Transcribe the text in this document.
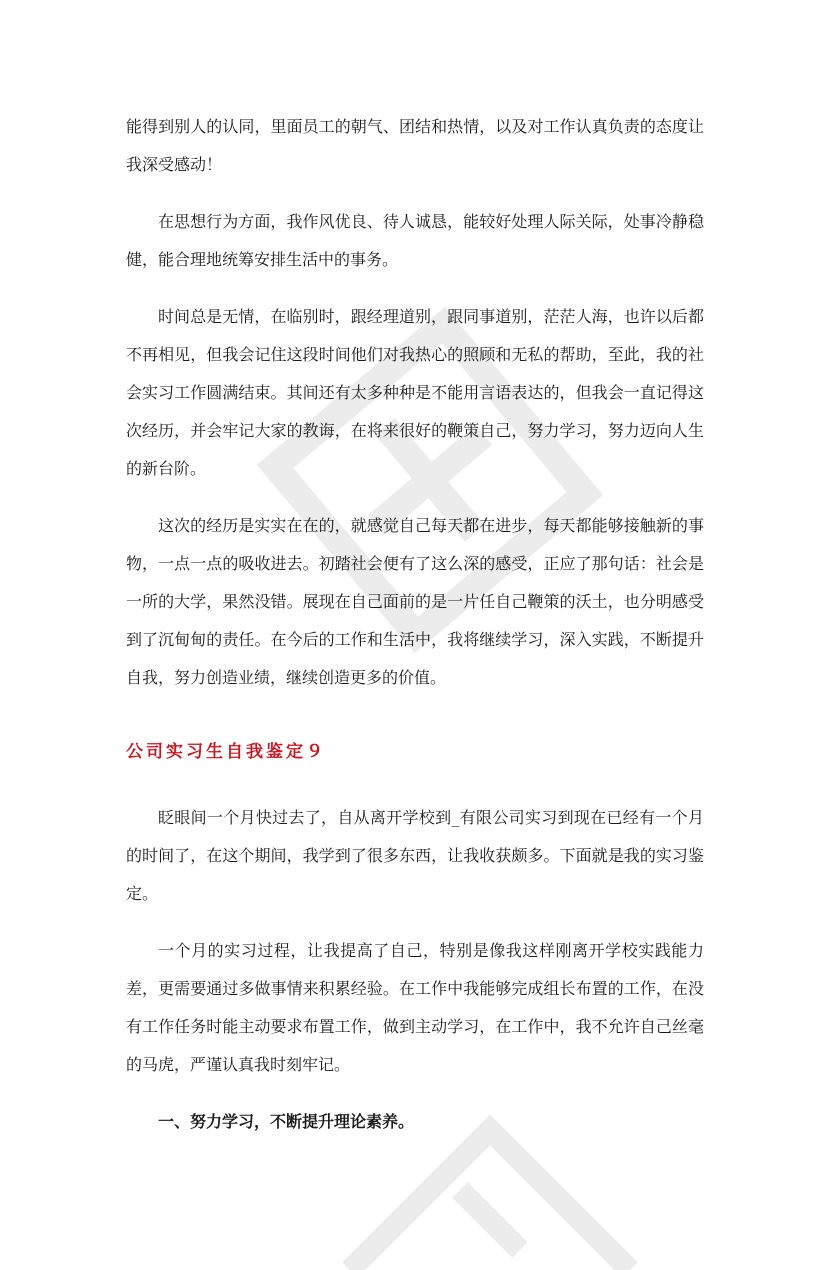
能得到别人的认同，里面员工的朝气、团结和热情，以及对工作认真负责的态度让我深受感动！

在思想行为方面，我作风优良、待人诚恳，能较好处理人际关际，处事冷静稳健，能合理地统筹安排生活中的事务。

时间总是无情，在临别时，跟经理道别，跟同事道别，茫茫人海，也许以后都不再相见，但我会记住这段时间他们对我热心的照顾和无私的帮助，至此，我的社会实习工作圆满结束。其间还有太多种种是不能用言语表达的，但我会一直记得这次经历，并会牢记大家的教诲，在将来很好的鞭策自己，努力学习，努力迈向人生的新台阶。

这次的经历是实实在在的，就感觉自己每天都在进步，每天都能够接触新的事物，一点一点的吸收进去。初踏社会便有了这么深的感受，正应了那句话：社会是一所的大学，果然没错。展现在自己面前的是一片任自己鞭策的沃土，也分明感受到了沉甸甸的责任。在今后的工作和生活中，我将继续学习，深入实践，不断提升自我，努力创造业绩，继续创造更多的价值。

公司实习生自我鉴定９

眨眼间一个月快过去了，自从离开学校到_有限公司实习到现在已经有一个月的时间了，在这个期间，我学到了很多东西，让我收获颇多。下面就是我的实习鉴定。

一个月的实习过程，让我提高了自己，特别是像我这样刚离开学校实践能力差，更需要通过多做事情来积累经验。在工作中我能够完成组长布置的工作，在没有工作任务时能主动要求布置工作，做到主动学习，在工作中，我不允许自己丝毫的马虎，严谨认真我时刻牢记。

一、努力学习，不断提升理论素养。
